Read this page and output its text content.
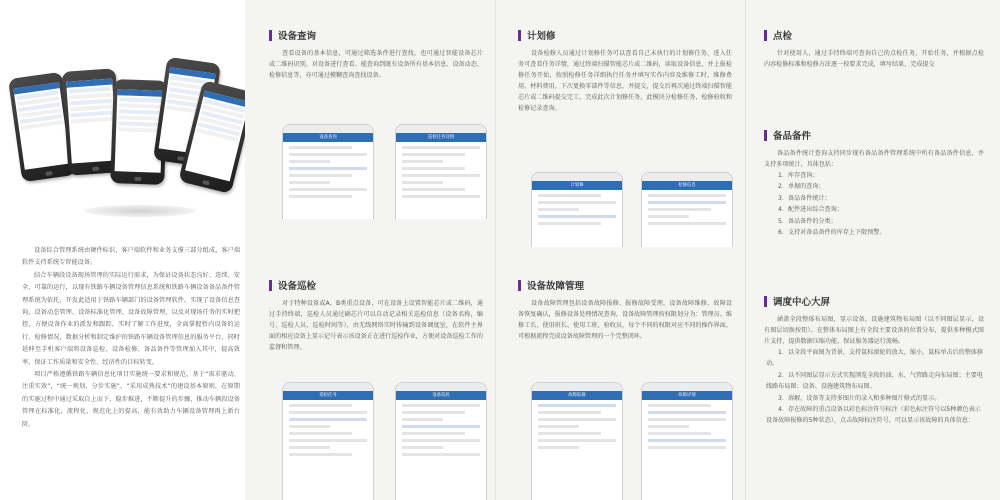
设备综合管理系统由硬件标识、客户端软件和业务支撑三部分组成，客户端软件支持系统专智能设备。

结合车辆段设备现场管理的实际运行需求，为保证设备状态良好、连续、安全、可靠的运行，以现有铁路车辆设备管理信息系统和铁路车辆设备备品备件管理系统为依托，开发此适用于铁路车辆部门的设备管理软件。实现了设备信息查询、设备动态管理、设备标准化管理、设备故障管理，以及对现场任务的实时把控，方便设备作业的派发和跟踪，实时了解工作进度，全面掌握暂内设备的运行、检修情况，数据分析和制定维护的铁路车辆设备管理信息的服务平台，同时延伸至手机客户端将设备巡检、设备检修、备品备件等管理加入其中，提高效率，保证工作质量和安全性、经济性的目标转变。

项目严格遵循铁路车辆信息化项目实施统一要求和规范，基于“需求驱动、注重实效”，“统一规划、分步实施”，“采用成熟技术”的建设基本原则，在原期的实施过程中通过采取自上而下，稳步推进，不断提升的步骤，推动车辆段设备管理在标准化、流程化、规范化上的提高，能有效助力车辆设备管理再上新台阶。

设备查询

查看设备的基本信息，可通过筛选条件进行查找，也可通过智能设备芯片或二维码识别，对设备进行查看。能查询到既有设备所有基本信息、设备动态、检修信息等，亦可通过模糊查询查找设备。

设备查询	巡检任务详情
设备巡检

对于特种设备或A、B类重点设备，可在设备上设置智能芯片或二维码，通过手持终端，巡检人员通过刷芯片可以自动记录相关巡检信息（设备名称，编号，巡检人员，巡检时间等），由无线网络实时传输到设备调度室，在软件主界面的相应设备上显示记号表示该设备正在进行巡检作业，方便对设备巡检工作的监督和管理。

巡检任务	设备巡检
计划修

设备检修人员通过计划修任务可以查看自己未执行的计划修任务，进入任务可查看任务详情，通过终端扫描智能芯片或二维码，读取设备信息，并上报检修任务开始，按照检修任务详细执行任务并填写实作内容及维修工时、维修费用、材料费用，下次更换零部件等信息，并提交，提交后再次通过终端扫描智能芯片或二维码提交完工，完成此次计划修任务，此模块分检修任务，检修验收和检修记录查询。

计划修	检修信息
设备故障管理

设备故障管理包括设备故障报修、报修故障受理，设备故障维修、故障设备恢复确认，报修设备处理情况查询，设备故障管理按权限划分为：管理员、维修工长、使用班长、使用工班、验收员，每个不同的权限对应不同的操作界面，可根据流程完成设备故障管理的一个完整闭环。

故障报修	故障详情
点检

针对使用人，通过手持终端可查询自己的点检任务，开始任务，并根据点检内容检修标准和检修方法逐一按要求完成，填写结果，完成提交

备品备件

备品备件统计查询支持同步现有备品备件管理系统中所有备品备件信息，并支持多项统计，具体包括：

1．库存查询；
2．单据的查询；
3．备品备件统计；
4．配件进出综合查询；
5．备品备件的分类；
6．支持对备品备件的库存上下限预警。
调度中心大屏

涵盖全段整体布局图，显示设备，设施建筑物布局图（以不同图层显示，设有图层切换按钮）。在整体布局图上有全段主要设备的位置分布，提供多种模式图片支持，提供数据压缩功能，保证服务器运行流畅。

1．以全段平面图为背景，支持鼠标滚轮的放大，缩小，鼠标单击后的整体移动。
2．以不同图层显示方式实现浏览全段的油、水、气管路走向布局图；主要电线路布局图；设备、设施建筑物布局图。
3．溶解，设备等支持多图片的录入和多种图片格式的显示。
4．存在故障的重点设备以彩色标注符号标注（彩色标注符号以5种颜色表示设备故障报修的5种状态），点击故障标注符号，可以显示该故障的具体信息：
